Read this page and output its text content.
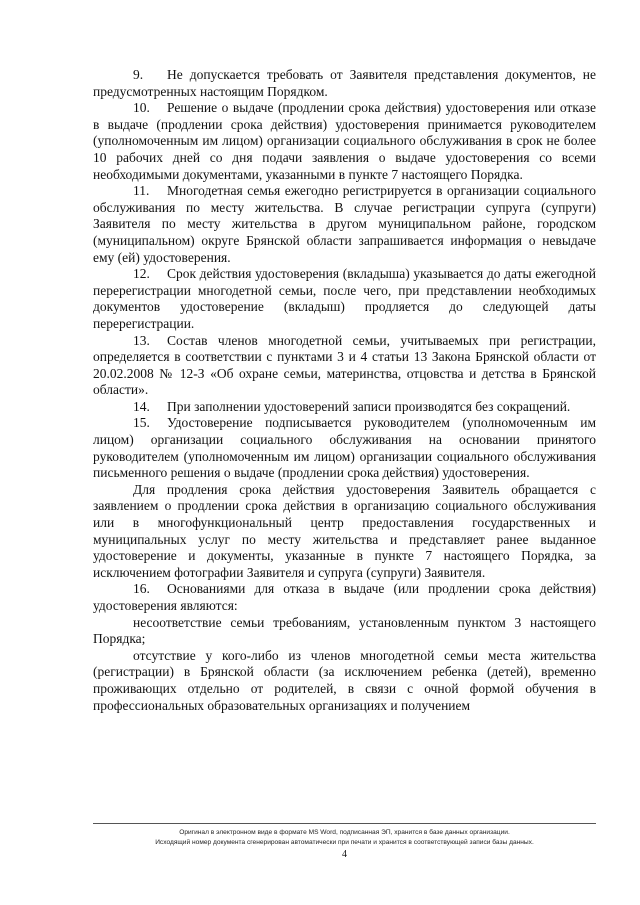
9. Не допускается требовать от Заявителя представления документов, не предусмотренных настоящим Порядком.

10. Решение о выдаче (продлении срока действия) удостоверения или отказе в выдаче (продлении срока действия) удостоверения принимается руководителем (уполномоченным им лицом) организации социального обслуживания в срок не более 10 рабочих дней со дня подачи заявления о выдаче удостоверения со всеми необходимыми документами, указанными в пункте 7 настоящего Порядка.

11. Многодетная семья ежегодно регистрируется в организации социального обслуживания по месту жительства. В случае регистрации супруга (супруги) Заявителя по месту жительства в другом муниципальном районе, городском (муниципальном) округе Брянской области запрашивается информация о невыдаче ему (ей) удостоверения.

12. Срок действия удостоверения (вкладыша) указывается до даты ежегодной перерегистрации многодетной семьи, после чего, при представлении необходимых документов удостоверение (вкладыш) продляется до следующей даты перерегистрации.

13. Состав членов многодетной семьи, учитываемых при регистрации, определяется в соответствии с пунктами 3 и 4 статьи 13 Закона Брянской области от 20.02.2008 № 12-З «Об охране семьи, материнства, отцовства и детства в Брянской области».

14. При заполнении удостоверений записи производятся без сокращений.

15. Удостоверение подписывается руководителем (уполномоченным им лицом) организации социального обслуживания на основании принятого руководителем (уполномоченным им лицом) организации социального обслуживания письменного решения о выдаче (продлении срока действия) удостоверения.

Для продления срока действия удостоверения Заявитель обращается с заявлением о продлении срока действия в организацию социального обслуживания или в многофункциональный центр предоставления государственных и муниципальных услуг по месту жительства и представляет ранее выданное удостоверение и документы, указанные в пункте 7 настоящего Порядка, за исключением фотографии Заявителя и супруга (супруги) Заявителя.

16. Основаниями для отказа в выдаче (или продлении срока действия) удостоверения являются:

несоответствие семьи требованиям, установленным пунктом 3 настоящего Порядка;

отсутствие у кого-либо из членов многодетной семьи места жительства (регистрации) в Брянской области (за исключением ребенка (детей), временно проживающих отдельно от родителей, в связи с очной формой обучения в профессиональных образовательных организациях и получением

Оригинал в электронном виде в формате MS Word, подписанная ЭП, хранится в базе данных организации.
Исходящий номер документа сгенерирован автоматически при печати и хранится в соответствующей записи базы данных.
4
